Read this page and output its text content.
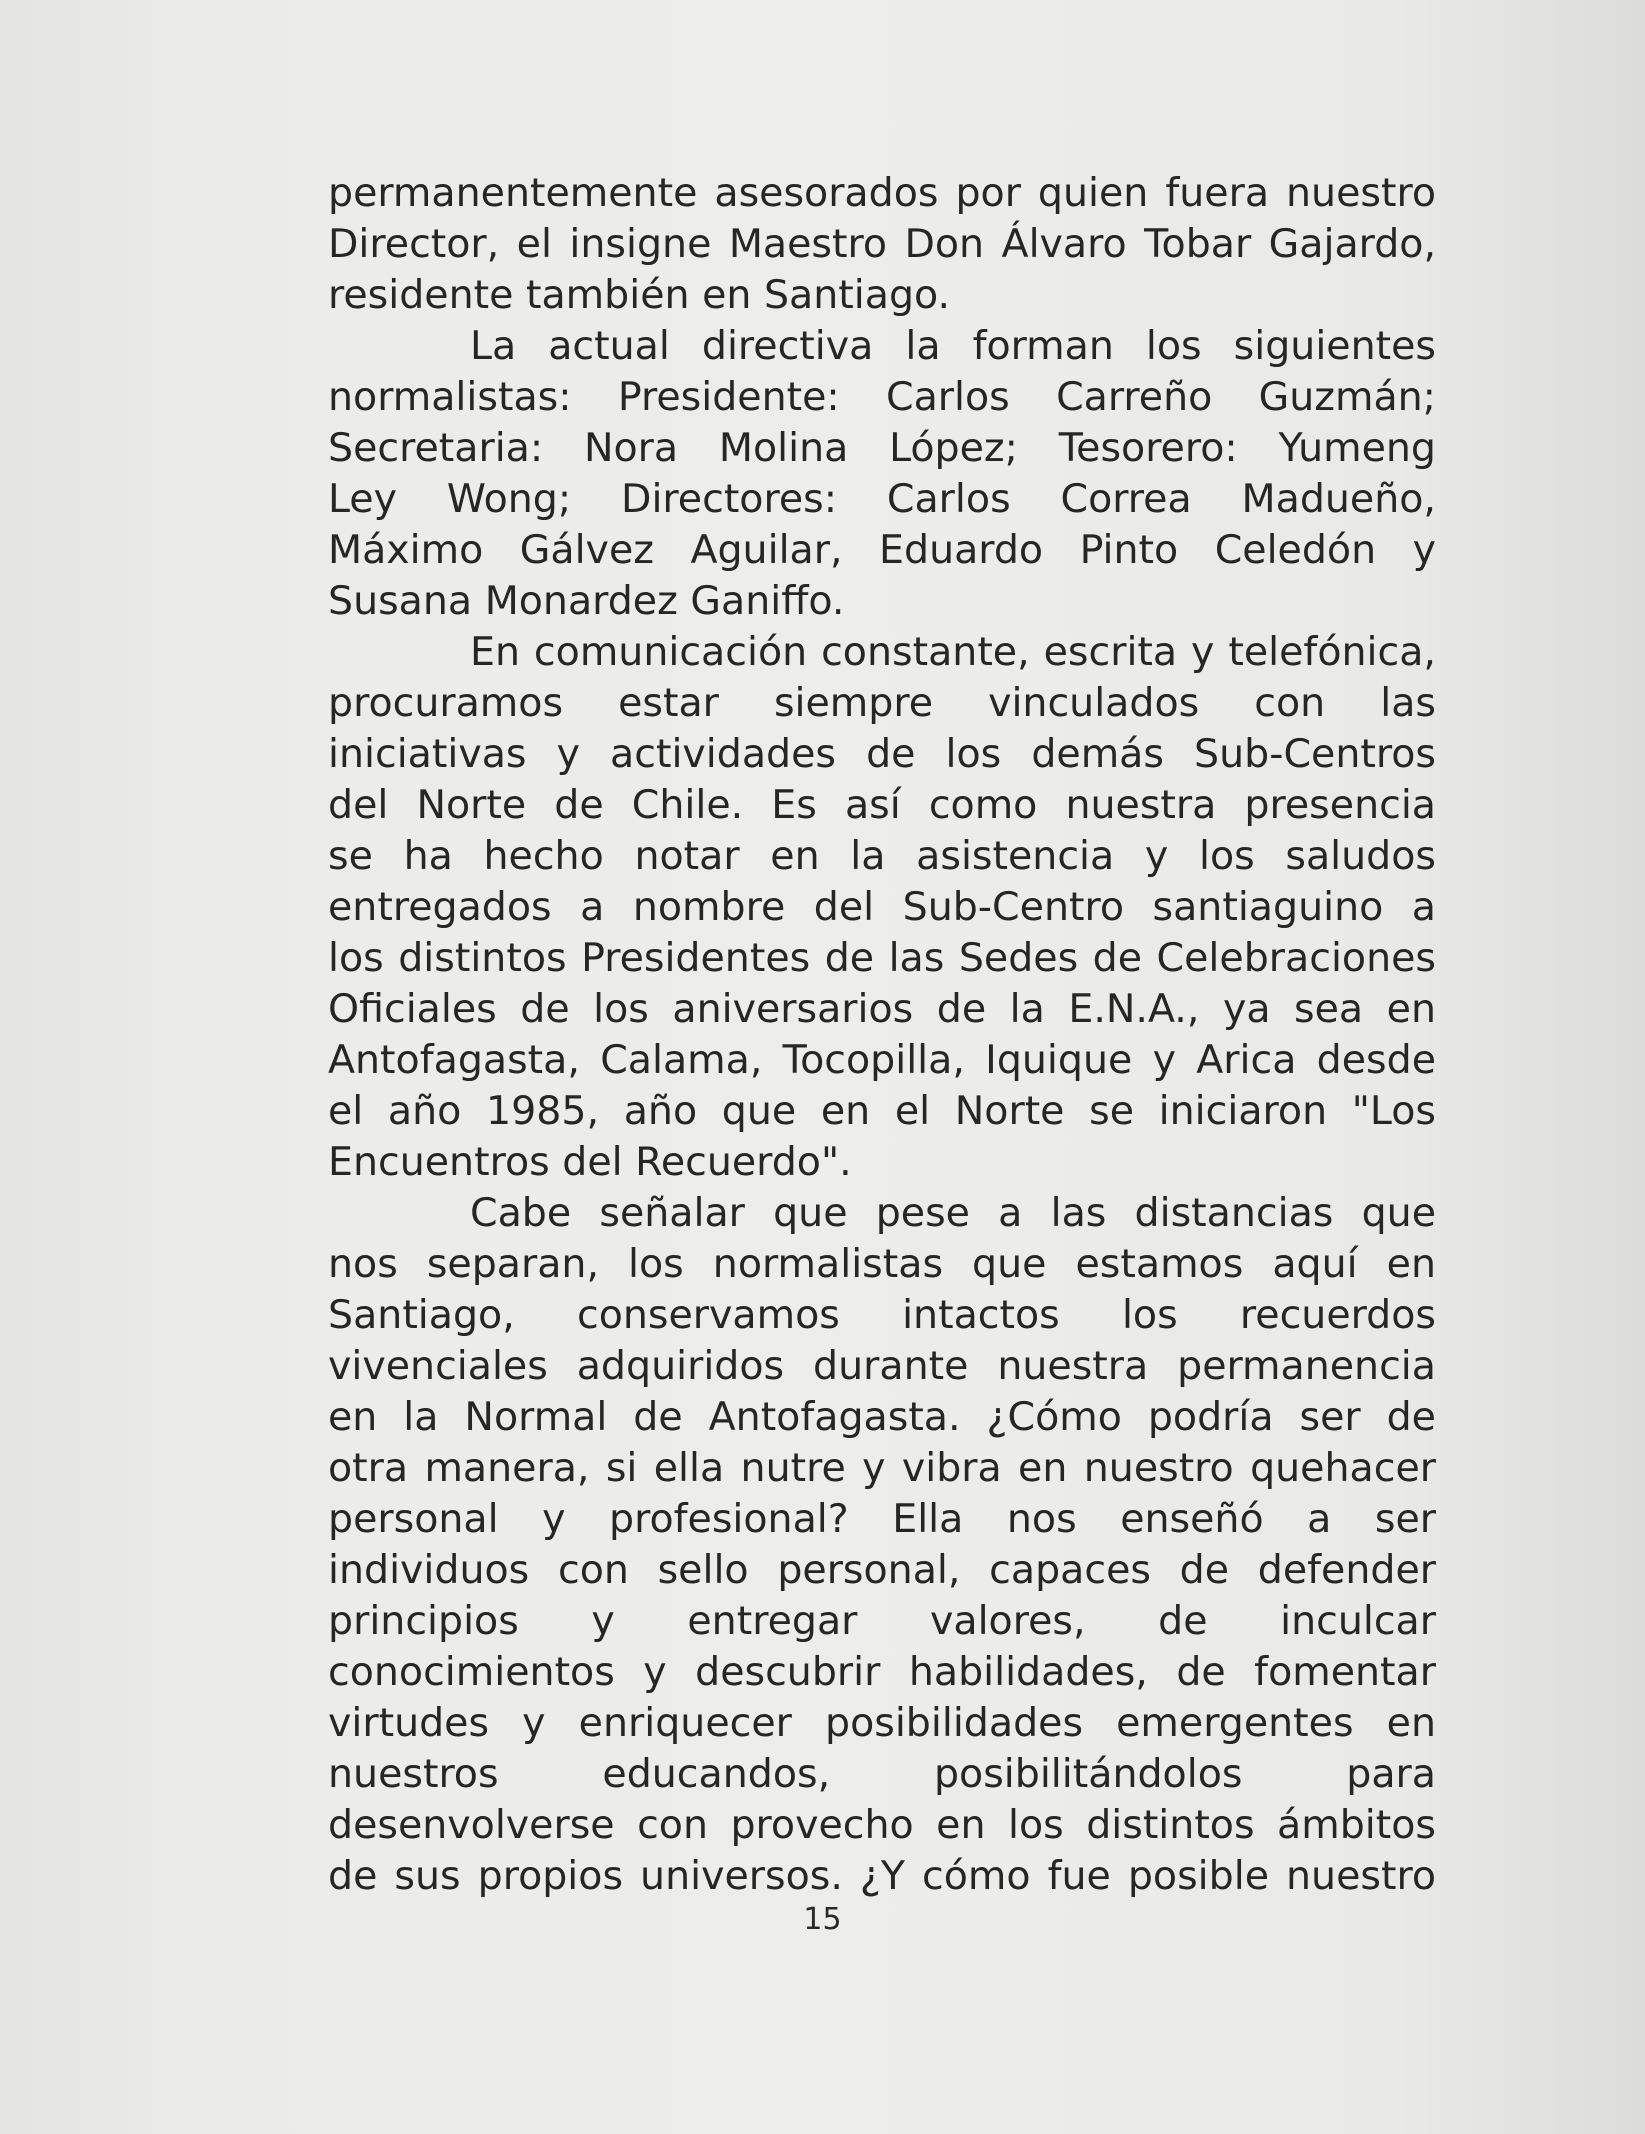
permanentemente asesorados por quien fuera nuestro
Director, el insigne Maestro Don Álvaro Tobar Gajardo,
residente también en Santiago.
La actual directiva la forman los siguientes
normalistas: Presidente: Carlos Carreño Guzmán;
Secretaria: Nora Molina López; Tesorero: Yumeng
Ley Wong; Directores: Carlos Correa Madueño,
Máximo Gálvez Aguilar, Eduardo Pinto Celedón y
Susana Monardez Ganiffo.
En comunicación constante, escrita y telefónica,
procuramos estar siempre vinculados con las
iniciativas y actividades de los demás Sub-Centros
del Norte de Chile. Es así como nuestra presencia
se ha hecho notar en la asistencia y los saludos
entregados a nombre del Sub-Centro santiaguino a
los distintos Presidentes de las Sedes de Celebraciones
Oficiales de los aniversarios de la E.N.A., ya sea en
Antofagasta, Calama, Tocopilla, Iquique y Arica desde
el año 1985, año que en el Norte se iniciaron "Los
Encuentros del Recuerdo".
Cabe señalar que pese a las distancias que
nos separan, los normalistas que estamos aquí en
Santiago, conservamos intactos los recuerdos
vivenciales adquiridos durante nuestra permanencia
en la Normal de Antofagasta. ¿Cómo podría ser de
otra manera, si ella nutre y vibra en nuestro quehacer
personal y profesional? Ella nos enseñó a ser
individuos con sello personal, capaces de defender
principios y entregar valores, de inculcar
conocimientos y descubrir habilidades, de fomentar
virtudes y enriquecer posibilidades emergentes en
nuestros educandos, posibilitándolos para
desenvolverse con provecho en los distintos ámbitos
de sus propios universos. ¿Y cómo fue posible nuestro
15
